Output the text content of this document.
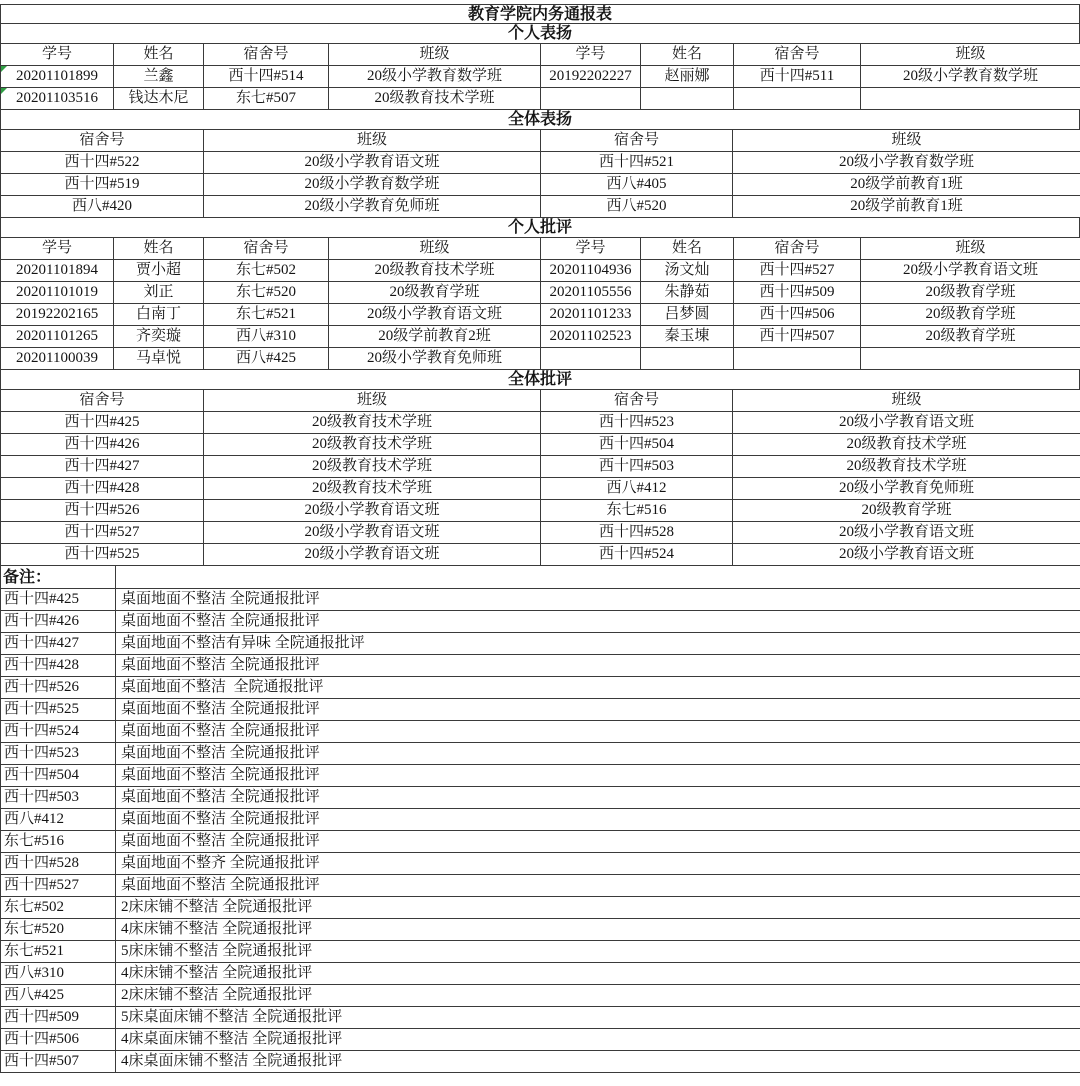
教育学院内务通报表
个人表扬
学号	姓名	宿舍号	班级	学号	姓名	宿舍号	班级

20201101899	兰鑫	西十四#514	20级小学教育数学班	20192202227	赵丽娜	西十四#511	20级小学教育数学班

20201103516	钱达木尼	东七#507	20级教育技术学班				
全体表扬
宿舍号	班级	宿舍号	班级
西十四#522	20级小学教育语文班	西十四#521	20级小学教育数学班
西十四#519	20级小学教育数学班	西八#405	20级学前教育1班
西八#420	20级小学教育免师班	西八#520	20级学前教育1班
个人批评
学号	姓名	宿舍号	班级	学号	姓名	宿舍号	班级
20201101894	贾小超	东七#502	20级教育技术学班	20201104936	汤文灿	西十四#527	20级小学教育语文班
20201101019	刘正	东七#520	20级教育学班	20201105556	朱静茹	西十四#509	20级教育学班
20192202165	白南丁	东七#521	20级小学教育语文班	20201101233	吕梦圆	西十四#506	20级教育学班
20201101265	齐奕璇	西八#310	20级学前教育2班	20201102523	秦玉埬	西十四#507	20级教育学班
20201100039	马卓悦	西八#425	20级小学教育免师班				
全体批评
宿舍号	班级	宿舍号	班级
西十四#425	20级教育技术学班	西十四#523	20级小学教育语文班
西十四#426	20级教育技术学班	西十四#504	20级教育技术学班
西十四#427	20级教育技术学班	西十四#503	20级教育技术学班
西十四#428	20级教育技术学班	西八#412	20级小学教育免师班
西十四#526	20级小学教育语文班	东七#516	20级教育学班
西十四#527	20级小学教育语文班	西十四#528	20级小学教育语文班
西十四#525	20级小学教育语文班	西十四#524	20级小学教育语文班
备注：	
西十四#425	桌面地面不整洁 全院通报批评
西十四#426	桌面地面不整洁 全院通报批评
西十四#427	桌面地面不整洁有异味 全院通报批评
西十四#428	桌面地面不整洁 全院通报批评
西十四#526	桌面地面不整洁  全院通报批评
西十四#525	桌面地面不整洁 全院通报批评
西十四#524	桌面地面不整洁 全院通报批评
西十四#523	桌面地面不整洁 全院通报批评
西十四#504	桌面地面不整洁 全院通报批评
西十四#503	桌面地面不整洁 全院通报批评
西八#412	桌面地面不整洁 全院通报批评
东七#516	桌面地面不整洁 全院通报批评
西十四#528	桌面地面不整齐 全院通报批评
西十四#527	桌面地面不整洁 全院通报批评
东七#502	2床床铺不整洁 全院通报批评
东七#520	4床床铺不整洁 全院通报批评
东七#521	5床床铺不整洁 全院通报批评
西八#310	4床床铺不整洁 全院通报批评
西八#425	2床床铺不整洁 全院通报批评
西十四#509	5床桌面床铺不整洁 全院通报批评
西十四#506	4床桌面床铺不整洁 全院通报批评
西十四#507	4床桌面床铺不整洁 全院通报批评
